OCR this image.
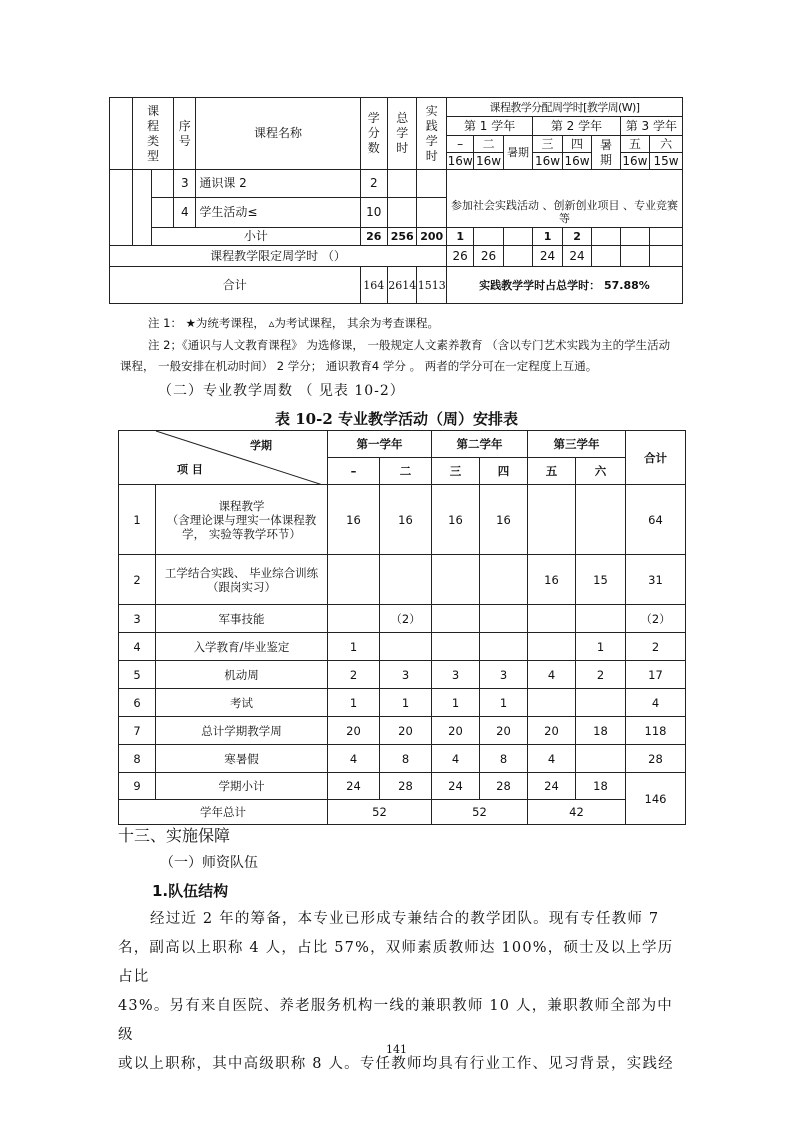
	课程类型		序号	课程名称	学分数	总学时	实践学时	课程教学分配周学时[教学周(W)]							
								第 1 学年			第 2 学年			第 3 学年	
								–	二	暑期	三	四	暑期	五	六
								16w	16w		16w	16w		16w	15w
			3	通识课 2	2										
			4	学生活动≤	10			参加社会实践活动 、创新创业项目 、专业竞赛等							
		小计			26	256	200	1			1	2			
课程教学限定周学时 （）								26	26		24	24			
合计					164	2614	1513	实践教学学时占总学时： 57.88%							
注 1： ★为统考课程， ▵为考试课程， 其余为考查课程。
注 2；《通识与人文教育课程》 为选修课， 一般规定人文素养教育 （含以专门艺术实践为主的学生活动
课程， 一般安排在机动时间） 2 学分； 通识教育4 学分 。 两者的学分可在一定程度上互通。
（二）专业教学周数 （ 见表 10-2）
表 10-2 专业教学活动（周）安排表
学期
项 目		第一学年		第二学年		第三学年		合计
		–	二	三	四	五	六	
1	课程教学
（含理论课与理实一体课程教学， 实验等教学环节）	16	16	16	16			64
2	工学结合实践、 毕业综合训练
（跟岗实习）					16	15	31
3	军事技能		（2）					（2）
4	入学教育/毕业鉴定	1					1	2
5	机动周	2	3	3	3	4	2	17
6	考试	1	1	1	1			4
7	总计学期教学周	20	20	20	20	20	18	118
8	寒暑假	4	8	4	8	4		28
9	学期小计	24	28	24	28	24	18	146
学年总计		52		52		42		
十三、实施保障
（一）师资队伍
1.队伍结构
经过近 2 年的筹备，本专业已形成专兼结合的教学团队。现有专任教师 7
名，副高以上职称 4 人，占比 57%，双师素质教师达 100%，硕士及以上学历占比
43%。另有来自医院、养老服务机构一线的兼职教师 10 人，兼职教师全部为中级
或以上职称，其中高级职称 8 人。专任教师均具有行业工作、见习背景，实践经
141
